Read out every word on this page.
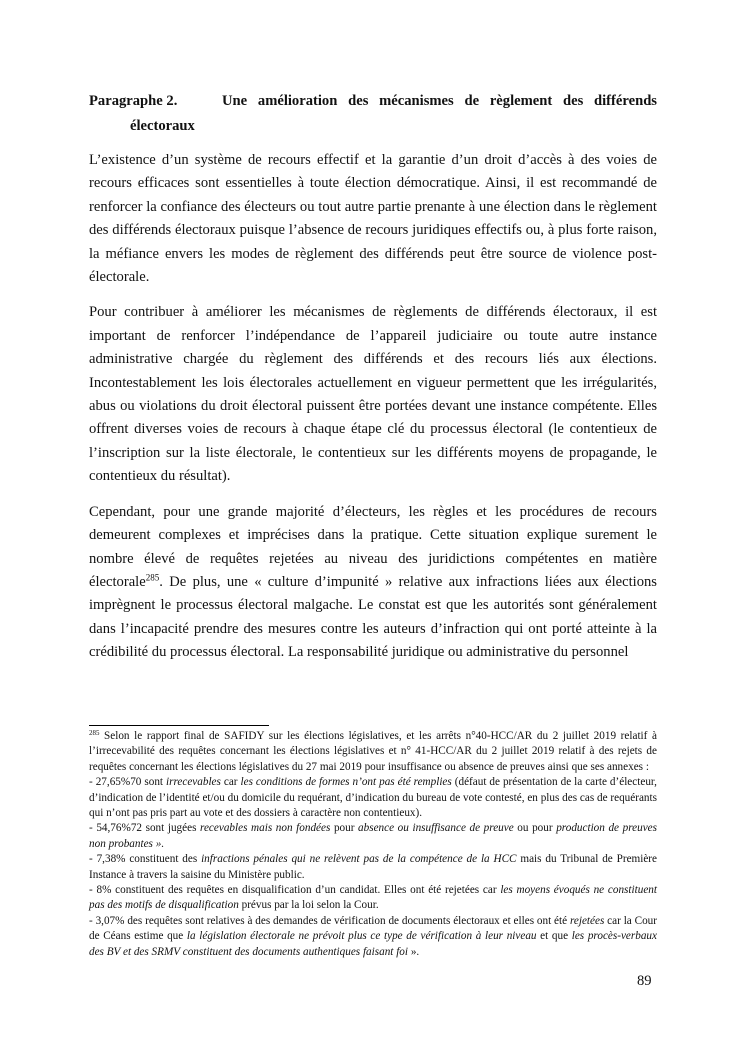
Paragraphe 2.	Une amélioration des mécanismes de règlement des différends
électoraux

L’existence d’un système de recours effectif et la garantie d’un droit d’accès à des voies de recours efficaces sont essentielles à toute élection démocratique. Ainsi, il est recommandé de renforcer la confiance des électeurs ou tout autre partie prenante à une élection dans le règlement des différends électoraux puisque l’absence de recours juridiques effectifs ou, à plus forte raison, la méfiance envers les modes de règlement des différends peut être source de violence post-électorale.

Pour contribuer à améliorer les mécanismes de règlements de différends électoraux, il est important de renforcer l’indépendance de l’appareil judiciaire ou toute autre instance administrative chargée du règlement des différends et des recours liés aux élections. Incontestablement les lois électorales actuellement en vigueur permettent que les irrégularités, abus ou violations du droit électoral puissent être portées devant une instance compétente. Elles offrent diverses voies de recours à chaque étape clé du processus électoral (le contentieux de l’inscription sur la liste électorale, le contentieux sur les différents moyens de propagande, le contentieux du résultat).

Cependant, pour une grande majorité d’électeurs, les règles et les procédures de recours demeurent complexes et imprécises dans la pratique. Cette situation explique surement le nombre élevé de requêtes rejetées au niveau des juridictions compétentes en matière électorale$^{285}$. De plus, une « culture d’impunité » relative aux infractions liées aux élections imprègnent le processus électoral malgache. Le constat est que les autorités sont généralement dans l’incapacité prendre des mesures contre les auteurs d’infraction qui ont porté atteinte à la crédibilité du processus électoral. La responsabilité juridique ou administrative du personnel

$^{285}$ Selon le rapport final de SAFIDY sur les élections législatives, et les arrêts n°40-HCC/AR du 2 juillet 2019 relatif à l’irrecevabilité des requêtes concernant les élections législatives et n° 41-HCC/AR du 2 juillet 2019 relatif à des rejets de requêtes concernant les élections législatives du 27 mai 2019 pour insuffisance ou absence de preuves ainsi que ses annexes :

- 27,65%70 sont irrecevables car les conditions de formes n’ont pas été remplies (défaut de présentation de la carte d’électeur, d’indication de l’identité et/ou du domicile du requérant, d’indication du bureau de vote contesté, en plus des cas de requérants qui n’ont pas pris part au vote et des dossiers à caractère non contentieux).

- 54,76%72 sont jugées recevables mais non fondées pour absence ou insuffisance de preuve ou pour production de preuves non probantes ».

- 7,38% constituent des infractions pénales qui ne relèvent pas de la compétence de la HCC mais du Tribunal de Première Instance à travers la saisine du Ministère public.

- 8% constituent des requêtes en disqualification d’un candidat. Elles ont été rejetées car les moyens évoqués ne constituent pas des motifs de disqualification prévus par la loi selon la Cour.

- 3,07% des requêtes sont relatives à des demandes de vérification de documents électoraux et elles ont été rejetées car la Cour de Céans estime que la législation électorale ne prévoit plus ce type de vérification à leur niveau et que les procès-verbaux des BV et des SRMV constituent des documents authentiques faisant foi ».

89
